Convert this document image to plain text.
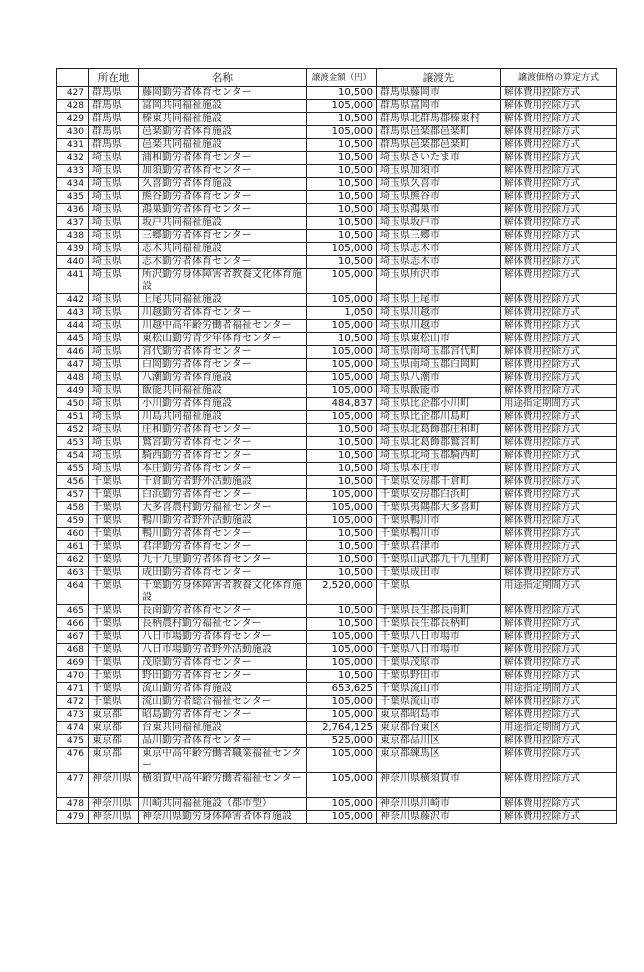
	所在地	名称	譲渡金額（円）	譲渡先	譲渡価格の算定方式
427	群馬県	藤岡勤労者体育センター	10,500	群馬県藤岡市	解体費用控除方式
428	群馬県	富岡共同福祉施設	105,000	群馬県富岡市	解体費用控除方式
429	群馬県	榛東共同福祉施設	10,500	群馬県北群馬郡榛東村	解体費用控除方式
430	群馬県	邑楽勤労者体育施設	105,000	群馬県邑楽郡邑楽町	解体費用控除方式
431	群馬県	邑楽共同福祉施設	10,500	群馬県邑楽郡邑楽町	解体費用控除方式
432	埼玉県	浦和勤労者体育センター	10,500	埼玉県さいたま市	解体費用控除方式
433	埼玉県	加須勤労者体育センター	10,500	埼玉県加須市	解体費用控除方式
434	埼玉県	久喜勤労者体育施設	10,500	埼玉県久喜市	解体費用控除方式
435	埼玉県	熊谷勤労者体育センター	10,500	埼玉県熊谷市	解体費用控除方式
436	埼玉県	鴻巣勤労者体育センター	10,500	埼玉県鴻巣市	解体費用控除方式
437	埼玉県	坂戸共同福祉施設	10,500	埼玉県坂戸市	解体費用控除方式
438	埼玉県	三郷勤労者体育センター	10,500	埼玉県三郷市	解体費用控除方式
439	埼玉県	志木共同福祉施設	105,000	埼玉県志木市	解体費用控除方式
440	埼玉県	志木勤労者体育センター	10,500	埼玉県志木市	解体費用控除方式
441	埼玉県	所沢勤労身体障害者教養文化体育施設	105,000	埼玉県所沢市	解体費用控除方式
442	埼玉県	上尾共同福祉施設	105,000	埼玉県上尾市	解体費用控除方式
443	埼玉県	川越勤労者体育センター	1,050	埼玉県川越市	解体費用控除方式
444	埼玉県	川越中高年齢労働者福祉センター	105,000	埼玉県川越市	解体費用控除方式
445	埼玉県	東松山勤労青少年体育センター	10,500	埼玉県東松山市	解体費用控除方式
446	埼玉県	宮代勤労者体育センター	105,000	埼玉県南埼玉郡宮代町	解体費用控除方式
447	埼玉県	白岡勤労者体育センター	105,000	埼玉県南埼玉郡白岡町	解体費用控除方式
448	埼玉県	八潮勤労者体育施設	105,000	埼玉県八潮市	解体費用控除方式
449	埼玉県	飯能共同福祉施設	105,000	埼玉県飯能市	解体費用控除方式
450	埼玉県	小川勤労者体育施設	484,837	埼玉県比企郡小川町	用途指定期間方式
451	埼玉県	川島共同福祉施設	105,000	埼玉県比企郡川島町	解体費用控除方式
452	埼玉県	庄和勤労者体育センター	10,500	埼玉県北葛飾郡庄和町	解体費用控除方式
453	埼玉県	鷲宮勤労者体育センター	10,500	埼玉県北葛飾郡鷲宮町	解体費用控除方式
454	埼玉県	騎西勤労者体育センター	10,500	埼玉県北埼玉郡騎西町	解体費用控除方式
455	埼玉県	本庄勤労者体育センター	10,500	埼玉県本庄市	解体費用控除方式
456	千葉県	千倉勤労者野外活動施設	10,500	千葉県安房郡千倉町	解体費用控除方式
457	千葉県	白浜勤労者体育センター	105,000	千葉県安房郡白浜町	解体費用控除方式
458	千葉県	大多喜農村勤労福祉センター	105,000	千葉県夷隅郡大多喜町	解体費用控除方式
459	千葉県	鴨川勤労者野外活動施設	105,000	千葉県鴨川市	解体費用控除方式
460	千葉県	鴨川勤労者体育センター	10,500	千葉県鴨川市	解体費用控除方式
461	千葉県	君津勤労者体育センター	10,500	千葉県君津市	解体費用控除方式
462	千葉県	九十九里勤労者体育センター	10,500	千葉県山武郡九十九里町	解体費用控除方式
463	千葉県	成田勤労者体育センター	10,500	千葉県成田市	解体費用控除方式
464	千葉県	千葉勤労身体障害者教養文化体育施設	2,520,000	千葉県	用途指定期間方式
465	千葉県	長南勤労者体育センター	10,500	千葉県長生郡長南町	解体費用控除方式
466	千葉県	長柄農村勤労福祉センター	10,500	千葉県長生郡長柄町	解体費用控除方式
467	千葉県	八日市場勤労者体育センター	105,000	千葉県八日市場市	解体費用控除方式
468	千葉県	八日市場勤労者野外活動施設	105,000	千葉県八日市場市	解体費用控除方式
469	千葉県	茂原勤労者体育センター	105,000	千葉県茂原市	解体費用控除方式
470	千葉県	野田勤労者体育センター	10,500	千葉県野田市	解体費用控除方式
471	千葉県	流山勤労者体育施設	653,625	千葉県流山市	用途指定期間方式
472	千葉県	流山勤労者総合福祉センター	105,000	千葉県流山市	解体費用控除方式
473	東京都	昭島勤労者体育センター	105,000	東京都昭島市	解体費用控除方式
474	東京都	台東共同福祉施設	2,764,125	東京都台東区	用途指定期間方式
475	東京都	品川勤労者体育センター	525,000	東京都品川区	解体費用控除方式
476	東京都	東京中高年齢労働者職業福祉センター	105,000	東京都練馬区	解体費用控除方式
477	神奈川県	横須賀中高年齢労働者福祉センター	105,000	神奈川県横須賀市	解体費用控除方式
478	神奈川県	川崎共同福祉施設（都市型）	105,000	神奈川県川崎市	解体費用控除方式
479	神奈川県	神奈川県勤労身体障害者体育施設	105,000	神奈川県藤沢市	解体費用控除方式
